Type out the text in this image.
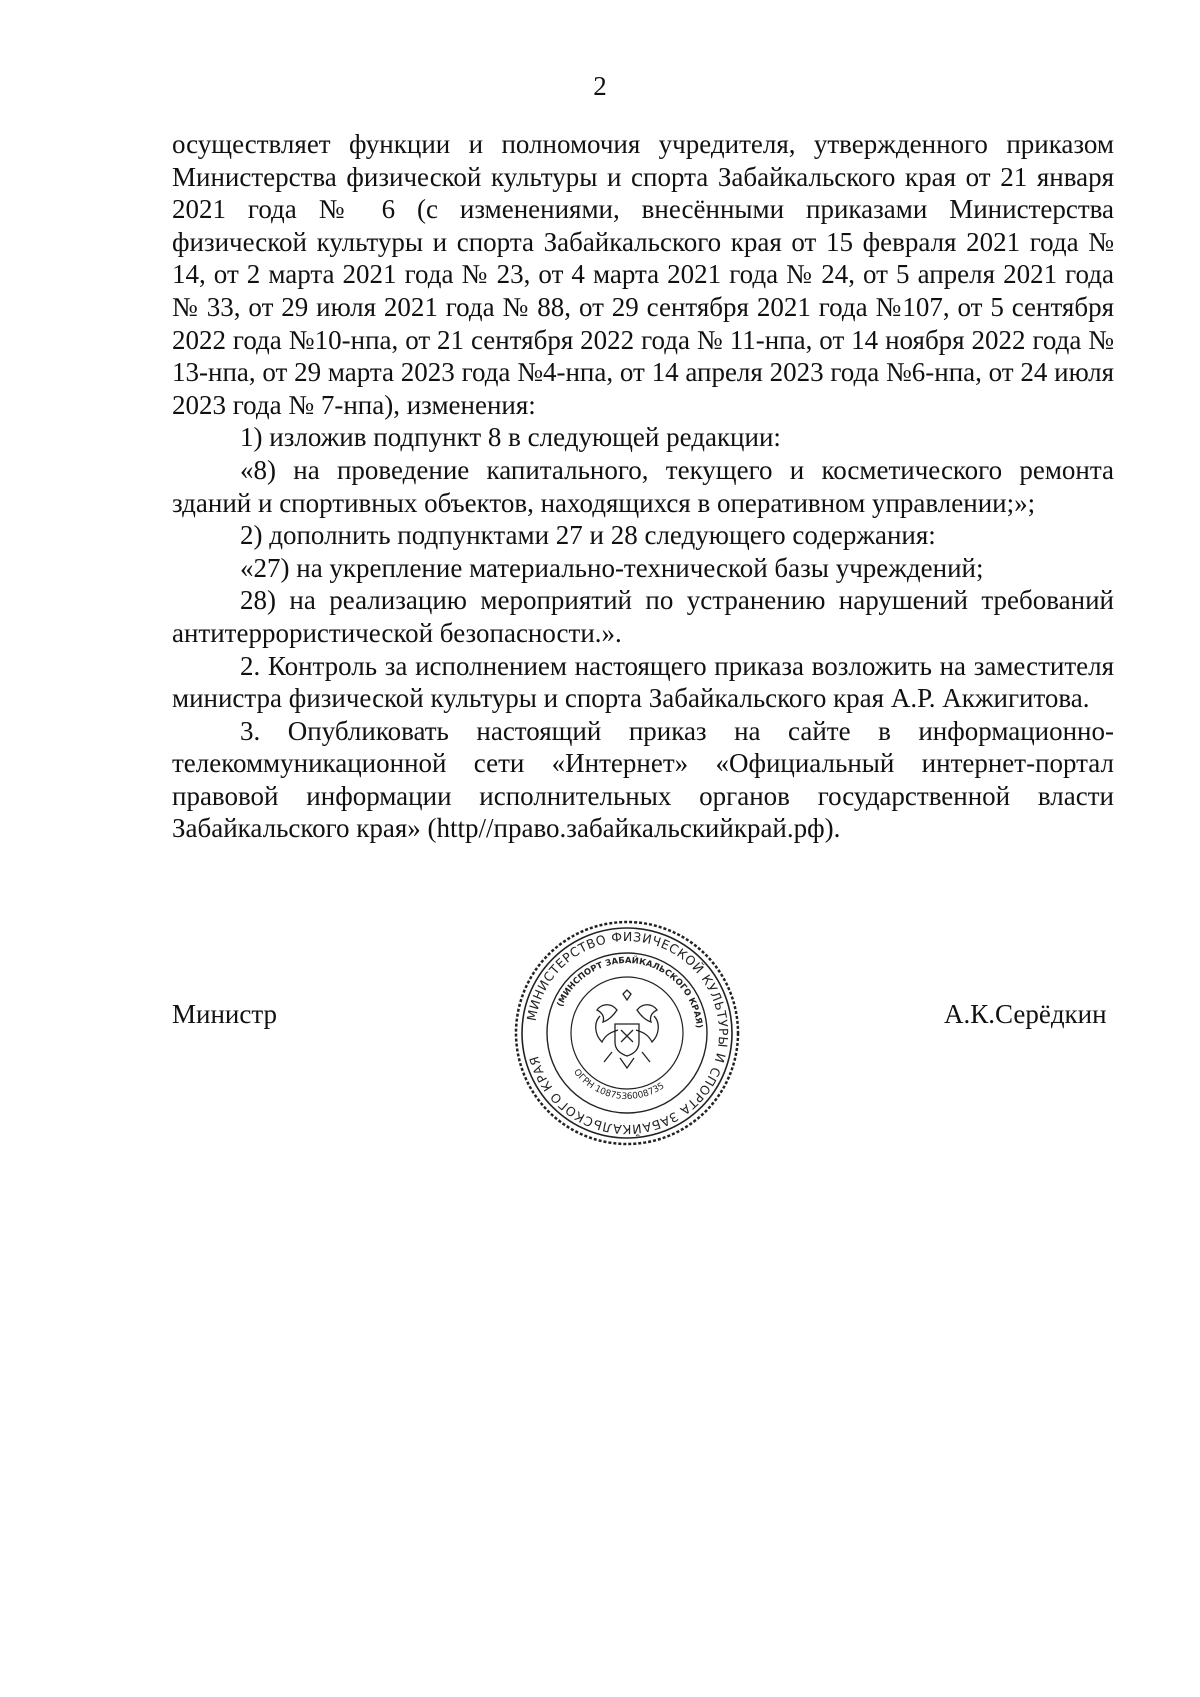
2

осуществляет функции и полномочия учредителя, утвержденного приказом Министерства физической культуры и спорта Забайкальского края от 21 января 2021 года № 6 (с изменениями, внесёнными приказами Министерства физической культуры и спорта Забайкальского края от 15 февраля 2021 года № 14, от 2 марта 2021 года № 23, от 4 марта 2021 года № 24, от 5 апреля 2021 года № 33, от 29 июля 2021 года № 88, от 29 сентября 2021 года №107, от 5 сентября 2022 года №10-нпа, от 21 сентября 2022 года № 11-нпа, от 14 ноября 2022 года № 13-нпа, от 29 марта 2023 года №4-нпа, от 14 апреля 2023 года №6-нпа, от 24 июля 2023 года № 7-нпа), изменения:

1) изложив подпункт 8 в следующей редакции:

«8) на проведение капитального, текущего и косметического ремонта зданий и спортивных объектов, находящихся в оперативном управлении;»;

2) дополнить подпунктами 27 и 28 следующего содержания:

«27) на укрепление материально-технической базы учреждений;

28) на реализацию мероприятий по устранению нарушений требований антитеррористической безопасности.».

2. Контроль за исполнением настоящего приказа возложить на заместителя министра физической культуры и спорта Забайкальского края А.Р. Акжигитова.

3. Опубликовать настоящий приказ на сайте в информационно-телекоммуникационной сети «Интернет» «Официальный интернет-портал правовой информации исполнительных органов государственной власти Забайкальского края» (http//право.забайкальскийкрай.рф).

Министр	А.К.Серёдкин
МИНИСТЕРСТВО ФИЗИЧЕСКОЙ КУЛЬТУРЫ И СПОРТА ЗАБАЙКАЛЬСКОГО КРАЯ
(МИНСПОРТ ЗАБАЙКАЛЬСКОГО КРАЯ)
ОГРН 1087536008735
